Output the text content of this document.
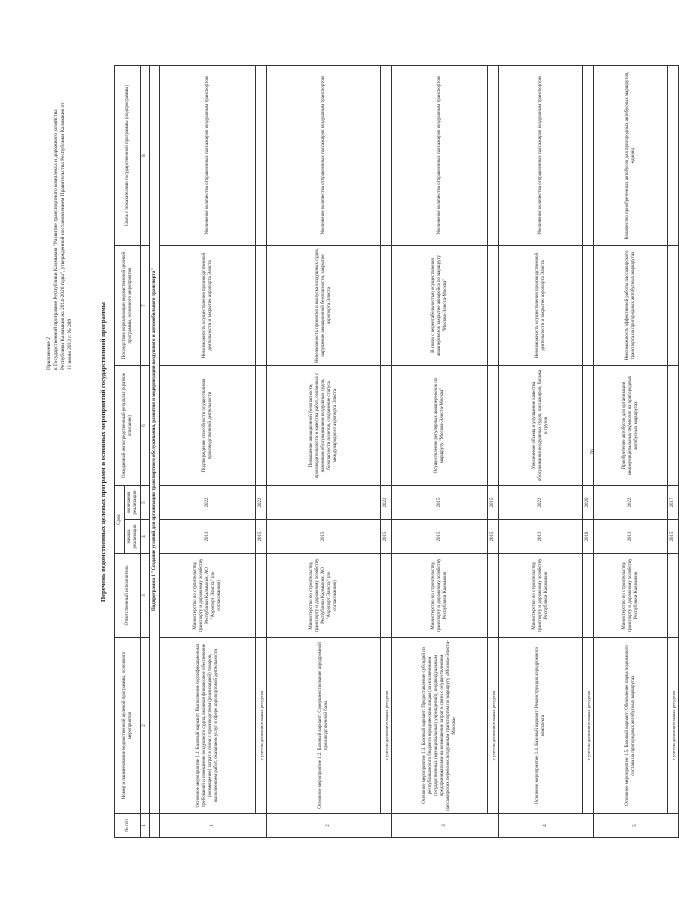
Приложение 2 к Государственной программе Республики Калмыкия "Развитие транспортного комплекса и дорожного хозяйства Республики Калмыкия на 2014-2020 годы", утвержденной постановлением Правительства Республики Калмыкия от 11 июня 2013 г. № 289	Перечень ведомственных целевых программ и основных мероприятий государственной программы
№ п/п	Номер и наименование ведомственной целевой программы, основного мероприятия	Ответственный исполнитель	Срок		Ожидаемый непосредственный результат (краткое описание)	Последствия нереализации ведомственной целевой программы, основного мероприятия	Связь с показателями государственной программы (подпрограммы)
			начала реализации	окончания реализации			
1	2	3	4	5	6	7	8
	Подпрограмма 1 "Создание условий для организации транспортного обслуживания, развития и модернизации воздушного и автомобильного транспорта"						
1	Основное мероприятие 1.1. Базовый вариант: Выполнение сертификационных требований и извещение воздушного судна, включая финансовое обеспечение (возмещение) затрат в связи с производством (реализацией) товаров, выполнением работ, оказанием услуг в сфере аэропортовой деятельности	Министерство по строительству, транспорту и дорожному хозяйству Республики Калмыкия, АО "Аэропорт Элиста" (по согласованию)	2013	2022	Подтверждение способности осуществления производственной деятельности	Невозможность осуществления производственной деятельности и закрытие аэропорта Элиста	Увеличение количества отправленных пассажиров воздушным транспортом
	с учетом дополнительных ресурсов		2015	2022			
2	Основное мероприятие 1.2. Базовый вариант: Совершенствование аэродромной производственной базы	Министерство по строительству, транспорту и дорожному хозяйству Республики Калмыкия, АО "Аэропорт Элиста" (по согласованию)	2015		Повышение авиационной безопасности, производительности и качества работ, связанных с наземным обслуживанием воздушных судов, безопасности полетов, сохранение статуса международного аэропорта Элиста	Невозможность принятия и выпуска воздушных судов, нарушение авиационной безопасности, закрытие аэропорта Элиста	Увеличение количества отправленных пассажиров воздушным транспортом
	с учетом дополнительных ресурсов		2015	2022			
3	Основное мероприятие 1.3. Базовый вариант: Предоставление субсидий из республиканского бюджета юридическим лицам (за исключением государственных (муниципальных) учреждений), индивидуальным предпринимателям на возмещение затрат в связи с осуществлением пассажирских перевозок воздушным транспортом по маршруту «Москва-Элиста-Москва»	Министерство по строительству, транспорту и дорожному хозяйству Республики Калмыкия	2015	2015	Осуществление регулярных авиаперевозок по маршруту "Москва-Элиста-Москва"	В связи с нерентабельностью осуществления авиаперевозок закрытие авиарейса по маршруту "Москва-Элиста-Москва"	Увеличение количества отправленных пассажиров воздушным транспортом
	с учетом дополнительных ресурсов		2015	2015			
4	Основное мероприятие 1.4. Базовый вариант: Реконструкция аэродромного комплекса	Министерство по строительству, транспорту и дорожному хозяйству Республики Калмыкия	2013	2022	Увеличение объема и улучшение качества обслуживания воздушных судов, пассажиров, багажа и грузов	Невозможность осуществления производственной деятельности и закрытие аэропорта Элиста	Увеличение количества отправленных пассажиров воздушным транспортом
	с учетом дополнительных ресурсов		2018	2020			
5	Основное мероприятие 1.5. Базовый вариант: Обновление парка подвижного состава на пригородных автобусных маршрутах	Министерство по строительству, транспорту и дорожному хозяйству Республики Калмыкия	2013	2022	Приобретение автобусов для организации межмуниципальных перевозок на пригородных автобусных маршрутах	Невозможность эффективной работы пассажирского транспорта на пригородных автобусных маршрутах	Количество приобретенных автобусов для пригородных автобусных маршрутов, единиц
	с учетом дополнительных ресурсов		2015	2017			
70
